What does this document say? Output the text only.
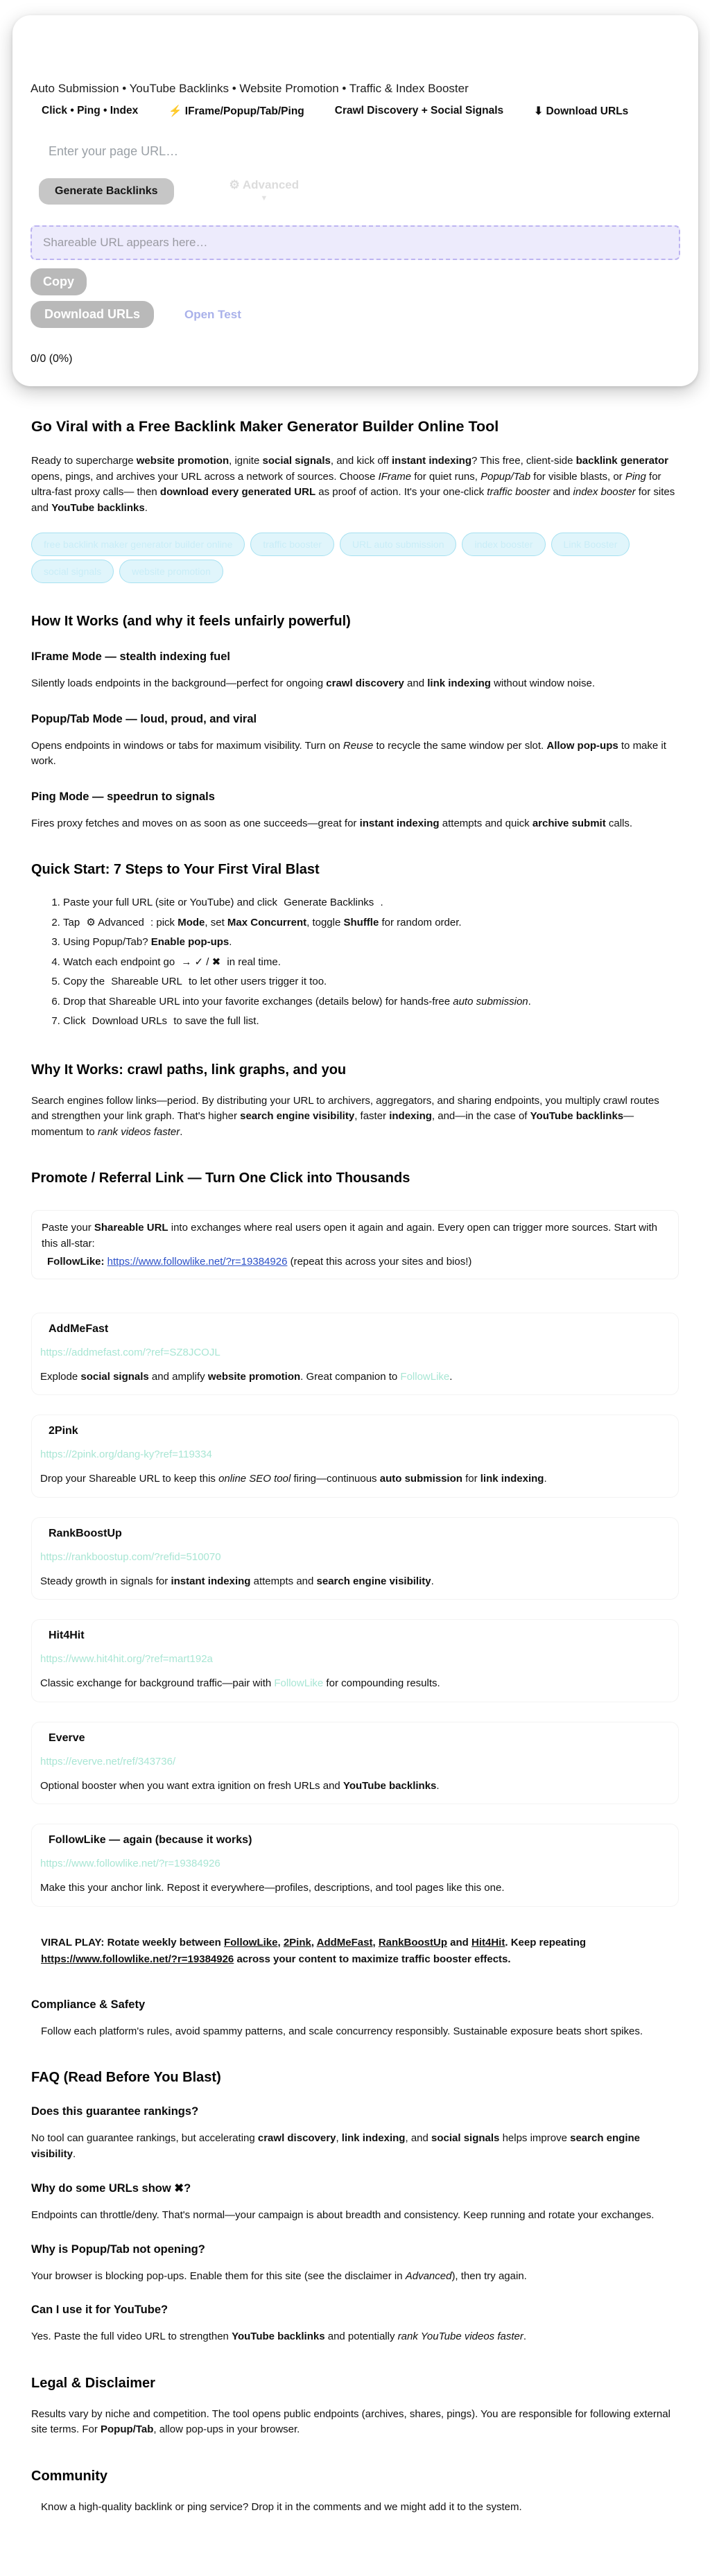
Auto Submission • YouTube Backlinks • Website Promotion • Traffic & Index Booster

Click • Ping • Index	⚡ IFrame/Popup/Tab/Ping	Crawl Discovery + Social Signals	⬇ Download URLs
Enter your page URL…
Generate Backlinks	⚙ Advanced
▼
Shareable URL appears here…
Copy
Download URLs	Open Test

0/0 (0%)

Go Viral with a Free Backlink Maker Generator Builder Online Tool

Ready to supercharge website promotion, ignite social signals, and kick off instant indexing? This free, client-side backlink generator opens, pings, and archives your URL across a network of sources. Choose IFrame for quiet runs, Popup/Tab for visible blasts, or Ping for ultra-fast proxy calls— then download every generated URL as proof of action. It's your one-click traffic booster and index booster for sites and YouTube backlinks.

free backlink maker generator builder online	traffic booster	URL auto submission	index booster	Link Booster
social signals	website promotion
How It Works (and why it feels unfairly powerful)
IFrame Mode — stealth indexing fuel

Silently loads endpoints in the background—perfect for ongoing crawl discovery and link indexing without window noise.

Popup/Tab Mode — loud, proud, and viral

Opens endpoints in windows or tabs for maximum visibility. Turn on Reuse to recycle the same window per slot. Allow pop-ups to make it work.

Ping Mode — speedrun to signals

Fires proxy fetches and moves on as soon as one succeeds—great for instant indexing attempts and quick archive submit calls.

Quick Start: 7 Steps to Your First Viral Blast
1. Paste your full URL (site or YouTube) and click Generate Backlinks .
2. Tap ⚙ Advanced : pick Mode, set Max Concurrent, toggle Shuffle for random order.
3. Using Popup/Tab? Enable pop-ups.
4. Watch each endpoint go → ✓ / ✖ in real time.
5. Copy the Shareable URL to let other users trigger it too.
6. Drop that Shareable URL into your favorite exchanges (details below) for hands-free auto submission.
7. Click Download URLs to save the full list.
Why It Works: crawl paths, link graphs, and you

Search engines follow links—period. By distributing your URL to archivers, aggregators, and sharing endpoints, you multiply crawl routes and strengthen your link graph. That's higher search engine visibility, faster indexing, and—in the case of YouTube backlinks—momentum to rank videos faster.

Promote / Referral Link — Turn One Click into Thousands

Paste your Shareable URL into exchanges where real users open it again and again. Every open can trigger more sources. Start with this all-star:

FollowLike: https://www.followlike.net/?r=19384926 (repeat this across your sites and bios!)

AddMeFast
https://addmefast.com/?ref=SZ8JCOJL

Explode social signals and amplify website promotion. Great companion to FollowLike.

2Pink
https://2pink.org/dang-ky?ref=119334

Drop your Shareable URL to keep this online SEO tool firing—continuous auto submission for link indexing.

RankBoostUp
https://rankboostup.com/?refid=510070

Steady growth in signals for instant indexing attempts and search engine visibility.

Hit4Hit
https://www.hit4hit.org/?ref=mart192a

Classic exchange for background traffic—pair with FollowLike for compounding results.

Everve
https://everve.net/ref/343736/

Optional booster when you want extra ignition on fresh URLs and YouTube backlinks.

FollowLike — again (because it works)
https://www.followlike.net/?r=19384926

Make this your anchor link. Repost it everywhere—profiles, descriptions, and tool pages like this one.

VIRAL PLAY: Rotate weekly between FollowLike, 2Pink, AddMeFast, RankBoostUp and Hit4Hit. Keep repeating https://www.followlike.net/?r=19384926 across your content to maximize traffic booster effects.

Compliance & Safety

Follow each platform's rules, avoid spammy patterns, and scale concurrency responsibly. Sustainable exposure beats short spikes.

FAQ (Read Before You Blast)
Does this guarantee rankings?

No tool can guarantee rankings, but accelerating crawl discovery, link indexing, and social signals helps improve search engine visibility.

Why do some URLs show ✖?

Endpoints can throttle/deny. That's normal—your campaign is about breadth and consistency. Keep running and rotate your exchanges.

Why is Popup/Tab not opening?

Your browser is blocking pop-ups. Enable them for this site (see the disclaimer in Advanced), then try again.

Can I use it for YouTube?

Yes. Paste the full video URL to strengthen YouTube backlinks and potentially rank YouTube videos faster.

Legal & Disclaimer

Results vary by niche and competition. The tool opens public endpoints (archives, shares, pings). You are responsible for following external site terms. For Popup/Tab, allow pop-ups in your browser.

Community

Know a high-quality backlink or ping service? Drop it in the comments and we might add it to the system.
